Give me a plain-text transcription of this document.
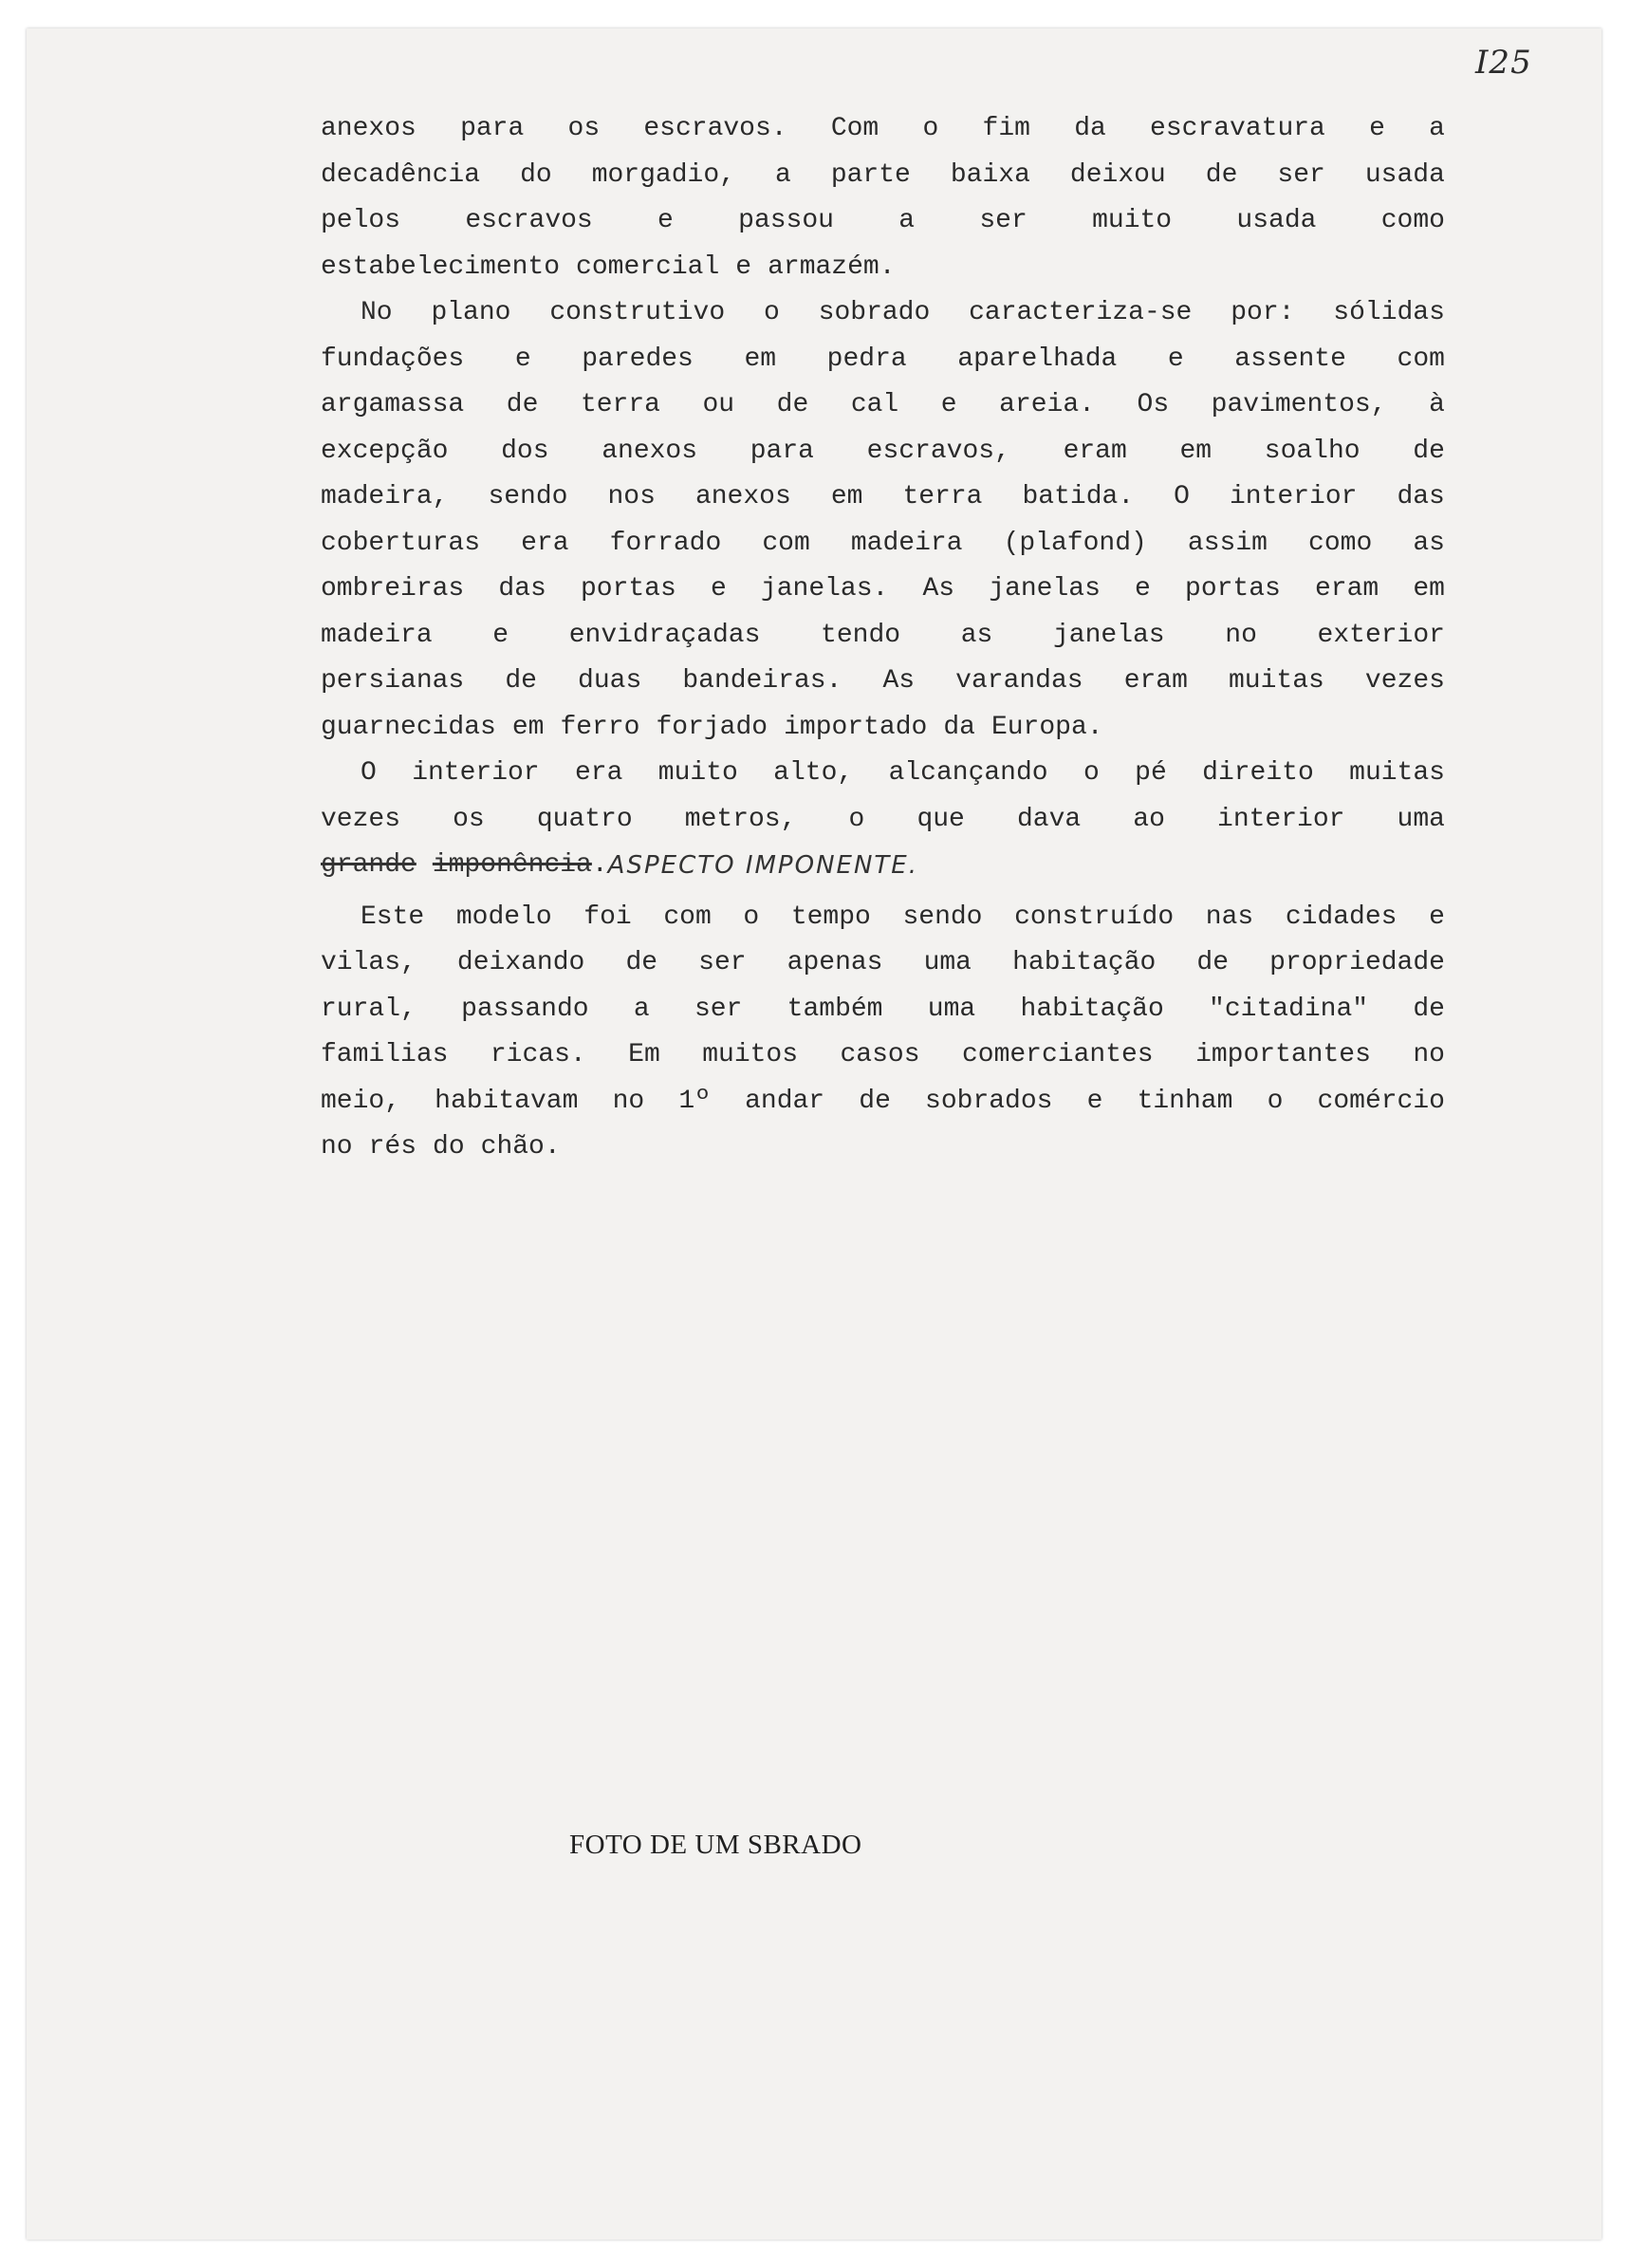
I25
anexos para os escravos. Com o fim da escravatura e a
decadência do morgadio, a parte baixa deixou de ser usada
pelos escravos e passou a ser muito usada como
estabelecimento comercial e armazém.
No plano construtivo o sobrado caracteriza-se por: sólidas
fundações e paredes em pedra aparelhada e assente com
argamassa de terra ou de cal e areia. Os pavimentos, à
excepção dos anexos para escravos, eram em soalho de
madeira, sendo nos anexos em terra batida. O interior das
coberturas era forrado com madeira (plafond) assim como as
ombreiras das portas e janelas. As janelas e portas eram em
madeira e envidraçadas tendo as janelas no exterior
persianas de duas bandeiras. As varandas eram muitas vezes
guarnecidas em ferro forjado importado da Europa.
O interior era muito alto, alcançando o pé direito muitas
vezes os quatro metros, o que dava ao interior uma
grande imponência . ASPECTO IMPONENTE.
Este modelo foi com o tempo sendo construído nas cidades e
vilas, deixando de ser apenas uma habitação de propriedade
rural, passando a ser também uma habitação "citadina" de
familias ricas. Em muitos casos comerciantes importantes no
meio, habitavam no 1º andar de sobrados e tinham o comércio
no rés do chão.
FOTO DE UM SBRADO
